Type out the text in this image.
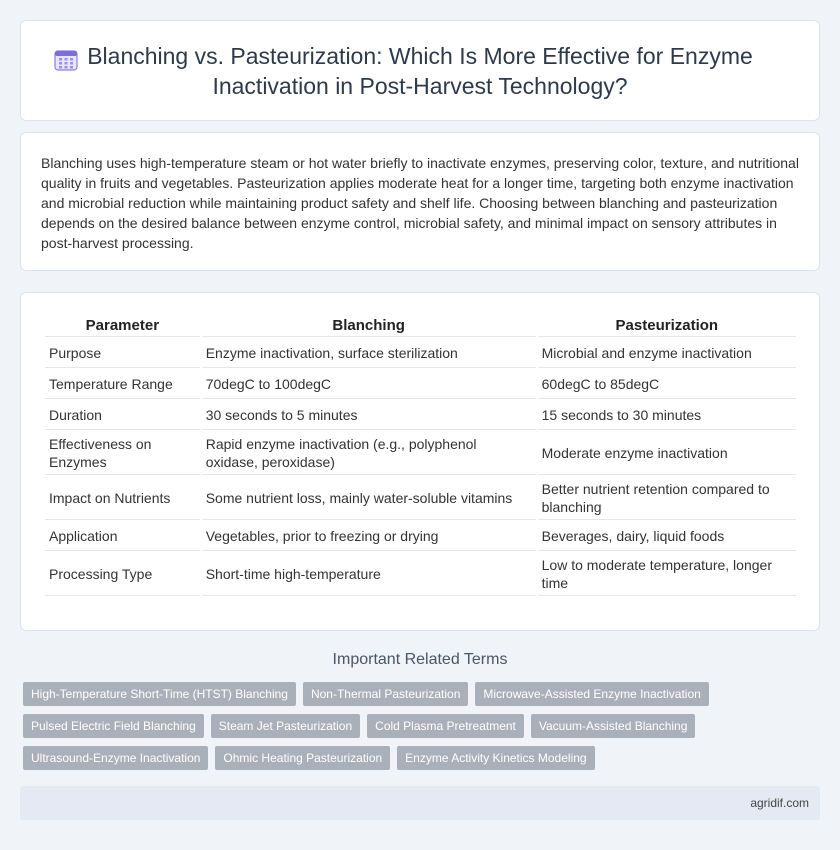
Blanching vs. Pasteurization: Which Is More Effective for Enzyme Inactivation in Post-Harvest Technology?

Blanching uses high-temperature steam or hot water briefly to inactivate enzymes, preserving color, texture, and nutritional quality in fruits and vegetables. Pasteurization applies moderate heat for a longer time, targeting both enzyme inactivation and microbial reduction while maintaining product safety and shelf life. Choosing between blanching and pasteurization depends on the desired balance between enzyme control, microbial safety, and minimal impact on sensory attributes in post-harvest processing.

Parameter	Blanching	Pasteurization
Purpose	Enzyme inactivation, surface sterilization	Microbial and enzyme inactivation
Temperature Range	70degC to 100degC	60degC to 85degC
Duration	30 seconds to 5 minutes	15 seconds to 30 minutes
Effectiveness on Enzymes	Rapid enzyme inactivation (e.g., polyphenol oxidase, peroxidase)	Moderate enzyme inactivation
Impact on Nutrients	Some nutrient loss, mainly water-soluble vitamins	Better nutrient retention compared to blanching
Application	Vegetables, prior to freezing or drying	Beverages, dairy, liquid foods
Processing Type	Short-time high-temperature	Low to moderate temperature, longer time
Important Related Terms
High-Temperature Short-Time (HTST) Blanching	Non-Thermal Pasteurization	Microwave-Assisted Enzyme Inactivation
Pulsed Electric Field Blanching	Steam Jet Pasteurization	Cold Plasma Pretreatment	Vacuum-Assisted Blanching
Ultrasound-Enzyme Inactivation	Ohmic Heating Pasteurization	Enzyme Activity Kinetics Modeling
agridif.com
